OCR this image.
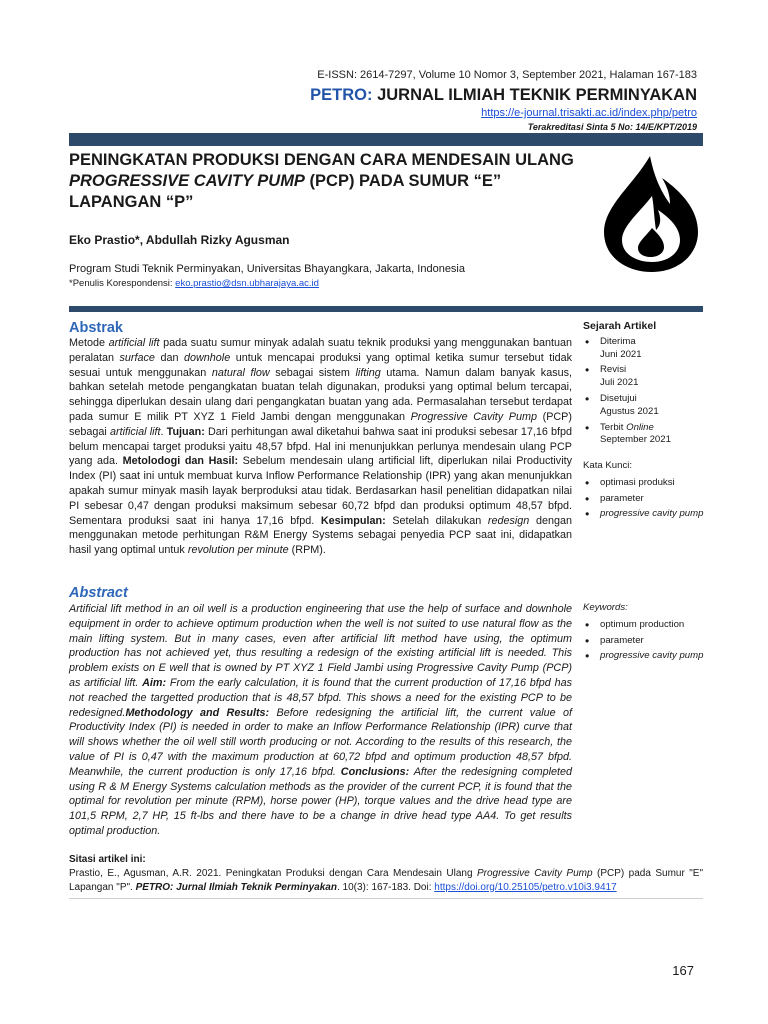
E-ISSN: 2614-7297, Volume 10 Nomor 3, September 2021, Halaman 167-183
PETRO: JURNAL ILMIAH TEKNIK PERMINYAKAN
https://e-journal.trisakti.ac.id/index.php/petro
Terakreditasi Sinta 5 No: 14/E/KPT/2019
PENINGKATAN PRODUKSI DENGAN CARA MENDESAIN ULANG PROGRESSIVE CAVITY PUMP (PCP) PADA SUMUR “E” LAPANGAN “P”
Eko Prastio*, Abdullah Rizky Agusman
Program Studi Teknik Perminyakan, Universitas Bhayangkara, Jakarta, Indonesia
*Penulis Korespondensi: eko.prastio@dsn.ubharajaya.ac.id
Abstrak
Metode artificial lift pada suatu sumur minyak adalah suatu teknik produksi yang menggunakan bantuan peralatan surface dan downhole untuk mencapai produksi yang optimal ketika sumur tersebut tidak sesuai untuk menggunakan natural flow sebagai sistem lifting utama. Namun dalam banyak kasus, bahkan setelah metode pengangkatan buatan telah digunakan, produksi yang optimal belum tercapai, sehingga diperlukan desain ulang dari pengangkatan buatan yang ada. Permasalahan tersebut terdapat pada sumur E milik PT XYZ 1 Field Jambi dengan menggunakan Progressive Cavity Pump (PCP) sebagai artificial lift. Tujuan: Dari perhitungan awal diketahui bahwa saat ini produksi sebesar 17,16 bfpd belum mencapai target produksi yaitu 48,57 bfpd. Hal ini menunjukkan perlunya mendesain ulang PCP yang ada. Metolodogi dan Hasil: Sebelum mendesain ulang artificial lift, diperlukan nilai Productivity Index (PI) saat ini untuk membuat kurva Inflow Performance Relationship (IPR) yang akan menunjukkan apakah sumur minyak masih layak berproduksi atau tidak. Berdasarkan hasil penelitian didapatkan nilai PI sebesar 0,47 dengan produksi maksimum sebesar 60,72 bfpd dan produksi optimum 48,57 bfpd. Sementara produksi saat ini hanya 17,16 bfpd. Kesimpulan: Setelah dilakukan redesign dengan menggunakan metode perhitungan R&M Energy Systems sebagai penyedia PCP saat ini, didapatkan hasil yang optimal untuk revolution per minute (RPM).
Sejarah Artikel
• Diterima
Juni 2021
• Revisi
Juli 2021
• Disetujui
Agustus 2021
• Terbit Online
September 2021
Kata Kunci:
• optimasi produksi
• parameter
• progressive cavity pump
Abstract
Artificial lift method in an oil well is a production engineering that use the help of surface and downhole equipment in order to achieve optimum production when the well is not suited to use natural flow as the main lifting system. But in many cases, even after artificial lift method have using, the optimum production has not achieved yet, thus resulting a redesign of the existing artificial lift is needed. This problem exists on E well that is owned by PT XYZ 1 Field Jambi using Progressive Cavity Pump (PCP) as artificial lift. Aim: From the early calculation, it is found that the current production of 17,16 bfpd has not reached the targetted production that is 48,57 bfpd. This shows a need for the existing PCP to be redesigned.Methodology and Results: Before redesigning the artificial lift, the current value of Productivity Index (PI) is needed in order to make an Inflow Performance Relationship (IPR) curve that will shows whether the oil well still worth producing or not. According to the results of this research, the value of PI is 0,47 with the maximum production at 60,72 bfpd and optimum production 48,57 bfpd. Meanwhile, the current production is only 17,16 bfpd. Conclusions: After the redesigning completed using R & M Energy Systems calculation methods as the provider of the current PCP, it is found that the optimal for revolution per minute (RPM), horse power (HP), torque values and the drive head type are 101,5 RPM, 2,7 HP, 15 ft-lbs and there have to be a change in drive head type AA4. To get results optimal production.
Keywords:
• optimum production
• parameter
• progressive cavity pump
Sitasi artikel ini:
Prastio, E., Agusman, A.R. 2021. Peningkatan Produksi dengan Cara Mendesain Ulang Progressive Cavity Pump (PCP) pada Sumur "E" Lapangan "P". PETRO: Jurnal Ilmiah Teknik Perminyakan. 10(3): 167-183. Doi: https://doi.org/10.25105/petro.v10i3.9417
167
